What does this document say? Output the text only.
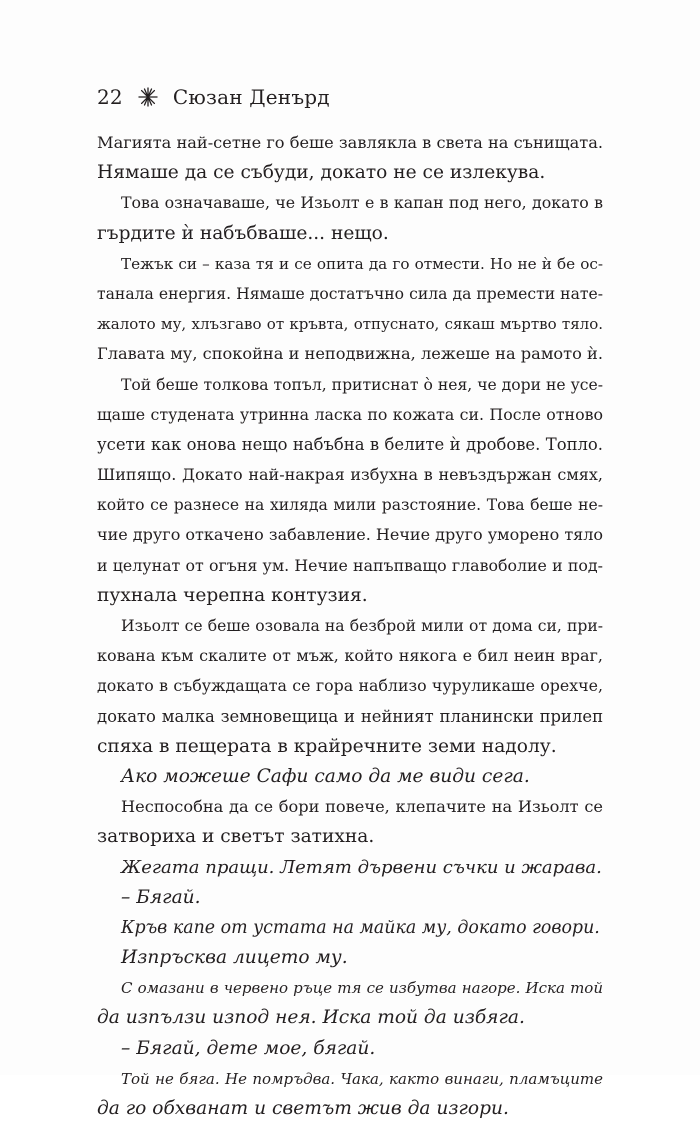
22	Сюзан Денърд
Магията най-сетне го беше завлякла в света на сънищата.
Нямаше да се събуди, докато не се излекува.
Това означаваше, че Изьолт е в капан под него, докато в
гърдите ѝ набъбваше... нещо.
Тежък си – каза тя и се опита да го отмести. Но не ѝ бе ос-
танала енергия. Нямаше достатъчно сила да премести нате-
жалото му, хлъзгаво от кръвта, отпуснато, сякаш мъртво тяло.
Главата му, спокойна и неподвижна, лежеше на рамото ѝ.
Той беше толкова топъл, притиснат о̀ нея, че дори не усе-
щаше студената утринна ласка по кожата си. После отново
усети как онова нещо набъбна в белите ѝ дробове. Топло.
Шипящо. Докато най-накрая избухна в невъздържан смях,
който се разнесе на хиляда мили разстояние. Това беше не-
чие друго откачено забавление. Нечие друго уморено тяло
и целунат от огъня ум. Нечие напъпващо главоболие и под-
пухнала черепна контузия.
Изьолт се беше озовала на безброй мили от дома си, при-
кована към скалите от мъж, който някога е бил неин враг,
докато в събуждащата се гора наблизо чуруликаше орехче,
докато малка земновещица и нейният планински прилеп
спяха в пещерата в крайречните земи надолу.
Ако можеше Сафи само да ме види сега.
Неспособна да се бори повече, клепачите на Изьолт се
затвориха и светът затихна.
Жегата пращи. Летят дървени съчки и жарава.
– Бягай.
Кръв капе от устата на майка му, докато говори.
Изпръсква лицето му.
С омазани в червено ръце тя се избутва нагоре. Иска той
да изпълзи изпод нея. Иска той да избяга.
– Бягай, дете мое, бягай.
Той не бяга. Не помръдва. Чака, както винаги, пламъците
да го обхванат и светът жив да изгори.
